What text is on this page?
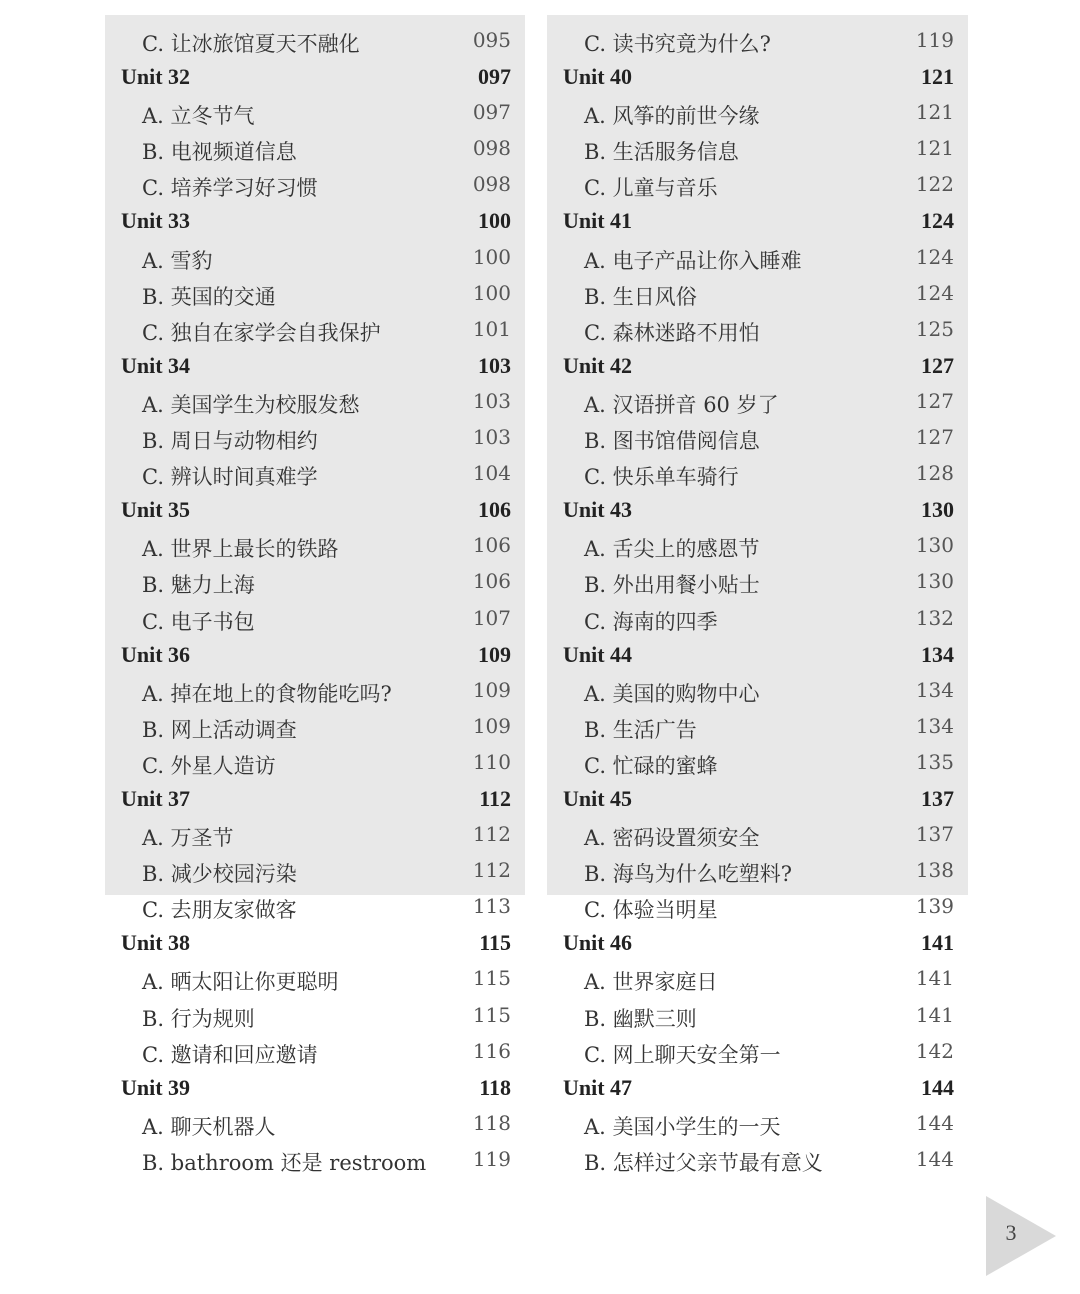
C. 让冰旅馆夏天不融化	095
Unit 32	097
A. 立冬节气	097
B. 电视频道信息	098
C. 培养学习好习惯	098
Unit 33	100
A. 雪豹	100
B. 英国的交通	100
C. 独自在家学会自我保护	101
Unit 34	103
A. 美国学生为校服发愁	103
B. 周日与动物相约	103
C. 辨认时间真难学	104
Unit 35	106
A. 世界上最长的铁路	106
B. 魅力上海	106
C. 电子书包	107
Unit 36	109
A. 掉在地上的食物能吃吗?	109
B. 网上活动调查	109
C. 外星人造访	110
Unit 37	112
A. 万圣节	112
B. 减少校园污染	112
C. 去朋友家做客	113
Unit 38	115
A. 晒太阳让你更聪明	115
B. 行为规则	115
C. 邀请和回应邀请	116
Unit 39	118
A. 聊天机器人	118
B. bathroom 还是 restroom 119
C. 读书究竟为什么?	119
Unit 40	121
A. 风筝的前世今缘	121
B. 生活服务信息	121
C. 儿童与音乐	122
Unit 41	124
A. 电子产品让你入睡难	124
B. 生日风俗	124
C. 森林迷路不用怕	125
Unit 42	127
A. 汉语拼音 60 岁了	127
B. 图书馆借阅信息	127
C. 快乐单车骑行	128
Unit 43	130
A. 舌尖上的感恩节	130
B. 外出用餐小贴士	130
C. 海南的四季	132
Unit 44	134
A. 美国的购物中心	134
B. 生活广告	134
C. 忙碌的蜜蜂	135
Unit 45	137
A. 密码设置须安全	137
B. 海鸟为什么吃塑料?	138
C. 体验当明星	139
Unit 46	141
A. 世界家庭日	141
B. 幽默三则	141
C. 网上聊天安全第一	142
Unit 47	144
A. 美国小学生的一天	144
B. 怎样过父亲节最有意义	144
3
